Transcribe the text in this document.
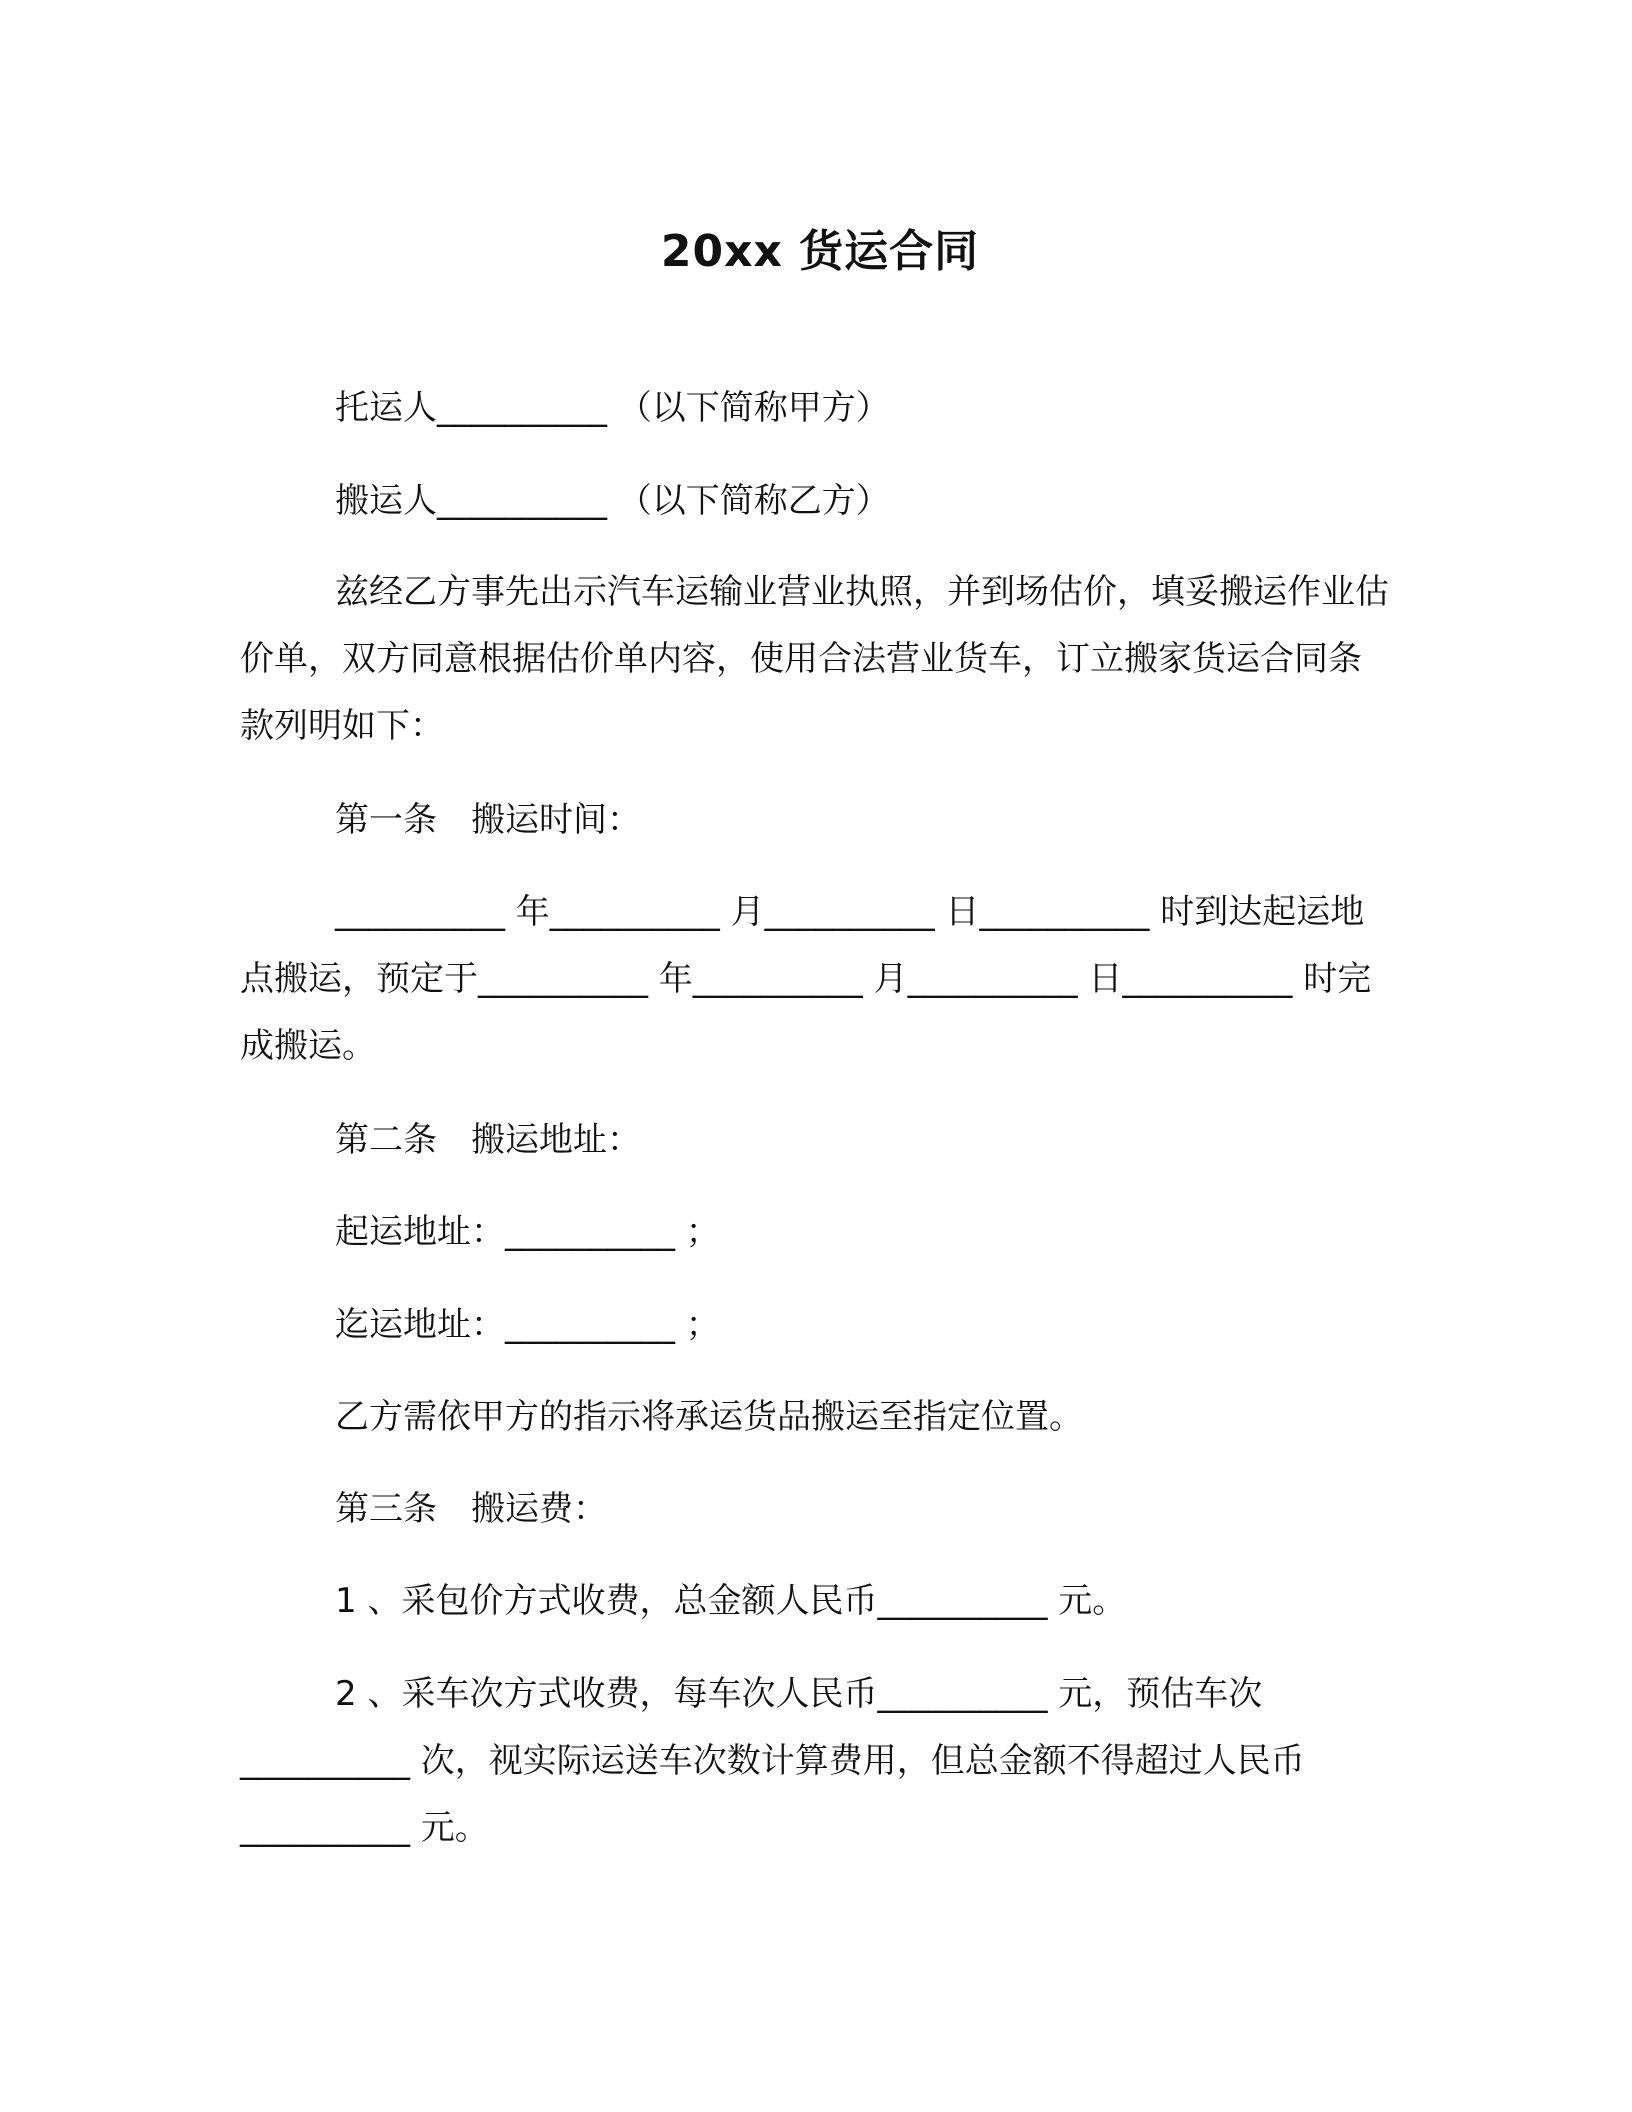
20xx 货运合同

托运人__________ （以下简称甲方）

搬运人__________ （以下简称乙方）

兹经乙方事先出示汽车运输业营业执照，并到场估价，填妥搬运作业估价单，双方同意根据估价单内容，使用合法营业货车，订立搬家货运合同条款列明如下：

第一条　搬运时间：

__________ 年__________ 月__________ 日__________ 时到达起运地点搬运，预定于__________ 年__________ 月__________ 日__________ 时完成搬运。

第二条　搬运地址：

起运地址：__________ ；

迄运地址：__________ ；

乙方需依甲方的指示将承运货品搬运至指定位置。

第三条　搬运费：

1 、采包价方式收费，总金额人民币__________ 元。

2 、采车次方式收费，每车次人民币__________ 元，预估车次__________ 次，视实际运送车次数计算费用，但总金额不得超过人民币__________ 元。
